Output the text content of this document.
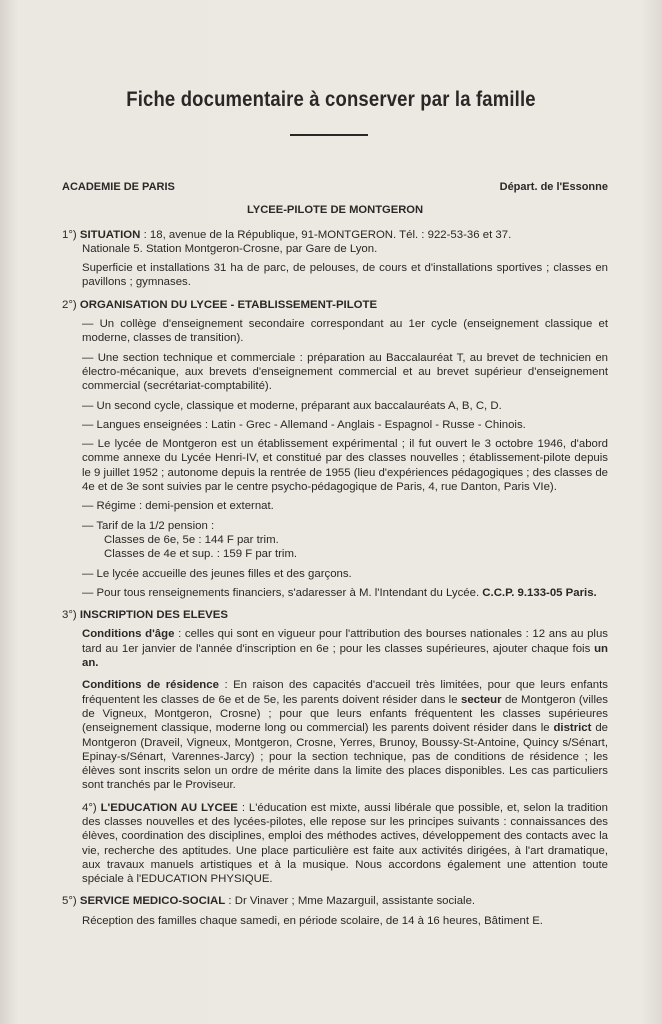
Fiche documentaire à conserver par la famille
ACADEMIE DE PARIS	Départ. de l'Essonne
LYCEE-PILOTE DE MONTGERON

1°) SITUATION : 18, avenue de la République, 91-MONTGERON. Tél. : 922-53-36 et 37.

Nationale 5. Station Montgeron-Crosne, par Gare de Lyon.

Superficie et installations 31 ha de parc, de pelouses, de cours et d'installations sportives ; classes en pavillons ; gymnases.

2°) ORGANISATION DU LYCEE - ETABLISSEMENT-PILOTE

— Un collège d'enseignement secondaire correspondant au 1er cycle (enseignement classique et moderne, classes de transition).

— Une section technique et commerciale : préparation au Baccalauréat T, au brevet de technicien en électro-mécanique, aux brevets d'enseignement commercial et au brevet supérieur d'enseignement commercial (secrétariat-comptabilité).

— Un second cycle, classique et moderne, préparant aux baccalauréats A, B, C, D.

— Langues enseignées : Latin - Grec - Allemand - Anglais - Espagnol - Russe - Chinois.

— Le lycée de Montgeron est un établissement expérimental ; il fut ouvert le 3 octobre 1946, d'abord comme annexe du Lycée Henri-IV, et constitué par des classes nouvelles ; établissement-pilote depuis le 9 juillet 1952 ; autonome depuis la rentrée de 1955 (lieu d'expériences pédagogiques ; des classes de 4e et de 3e sont suivies par le centre psycho-pédagogique de Paris, 4, rue Danton, Paris VIe).

— Régime : demi-pension et externat.

— Tarif de la 1/2 pension :

Classes de 6e, 5e : 144 F par trim.

Classes de 4e et sup. : 159 F par trim.

— Le lycée accueille des jeunes filles et des garçons.

— Pour tous renseignements financiers, s'adaresser à M. l'Intendant du Lycée. C.C.P. 9.133-05 Paris.

3°) INSCRIPTION DES ELEVES

Conditions d'âge : celles qui sont en vigueur pour l'attribution des bourses nationales : 12 ans au plus tard au 1er janvier de l'année d'inscription en 6e ; pour les classes supérieures, ajouter chaque fois un an.

Conditions de résidence : En raison des capacités d'accueil très limitées, pour que leurs enfants fréquentent les classes de 6e et de 5e, les parents doivent résider dans le secteur de Montgeron (villes de Vigneux, Montgeron, Crosne) ; pour que leurs enfants fréquentent les classes supérieures (enseignement classique, moderne long ou commercial) les parents doivent résider dans le district de Montgeron (Draveil, Vigneux, Montgeron, Crosne, Yerres, Brunoy, Boussy-St-Antoine, Quincy s/Sénart, Epinay-s/Sénart, Varennes-Jarcy) ; pour la section technique, pas de conditions de résidence ; les élèves sont inscrits selon un ordre de mérite dans la limite des places disponibles. Les cas particuliers sont tranchés par le Proviseur.

4°) L'EDUCATION AU LYCEE : L'éducation est mixte, aussi libérale que possible, et, selon la tradition des classes nouvelles et des lycées-pilotes, elle repose sur les principes suivants : connaissances des élèves, coordination des disciplines, emploi des méthodes actives, développement des contacts avec la vie, recherche des aptitudes. Une place particulière est faite aux activités dirigées, à l'art dramatique, aux travaux manuels artistiques et à la musique. Nous accordons également une attention toute spéciale à l'EDUCATION PHYSIQUE.

5°) SERVICE MEDICO-SOCIAL : Dr Vinaver ; Mme Mazarguil, assistante sociale.

Réception des familles chaque samedi, en période scolaire, de 14 à 16 heures, Bâtiment E.
